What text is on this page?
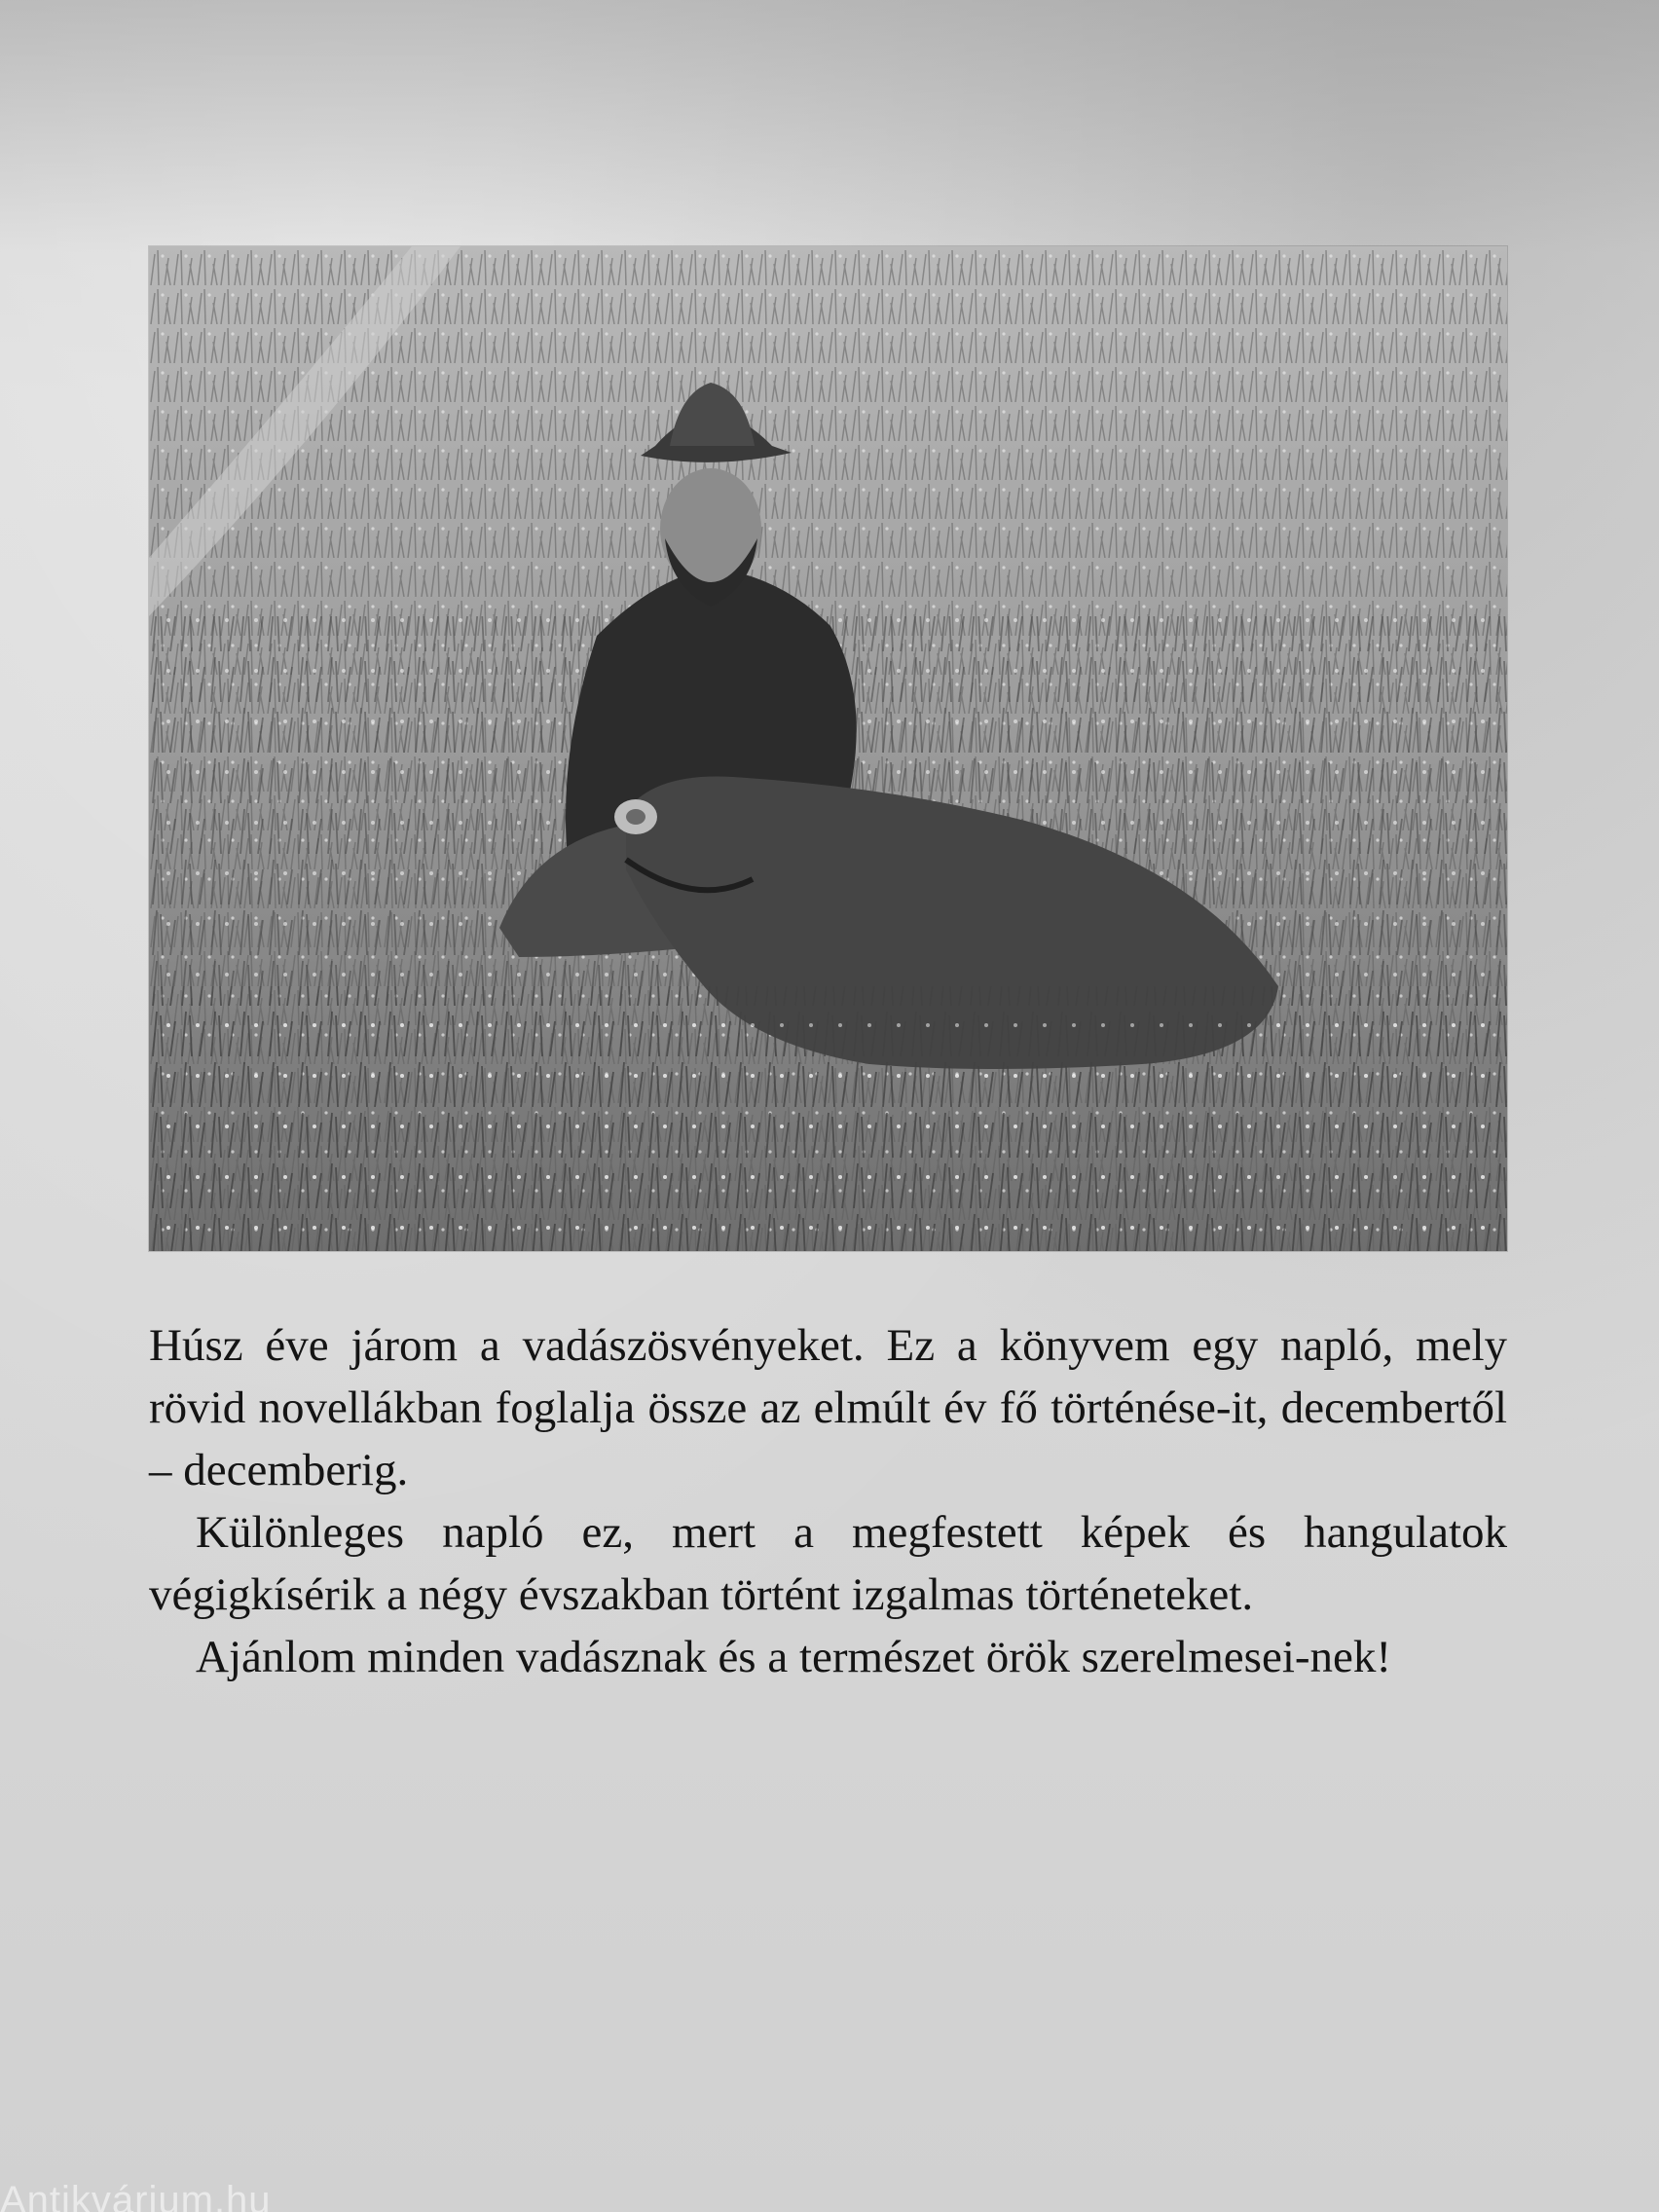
Húsz éve járom a vadászösvényeket. Ez a könyvem egy napló, mely rövid novellákban foglalja össze az elmúlt év fő történése-it, decembertől – decemberig.

Különleges napló ez, mert a megfestett képek és hangulatok végigkísérik a négy évszakban történt izgalmas történeteket.

Ajánlom minden vadásznak és a természet örök szerelmesei-nek!

Antikvárium.hu
